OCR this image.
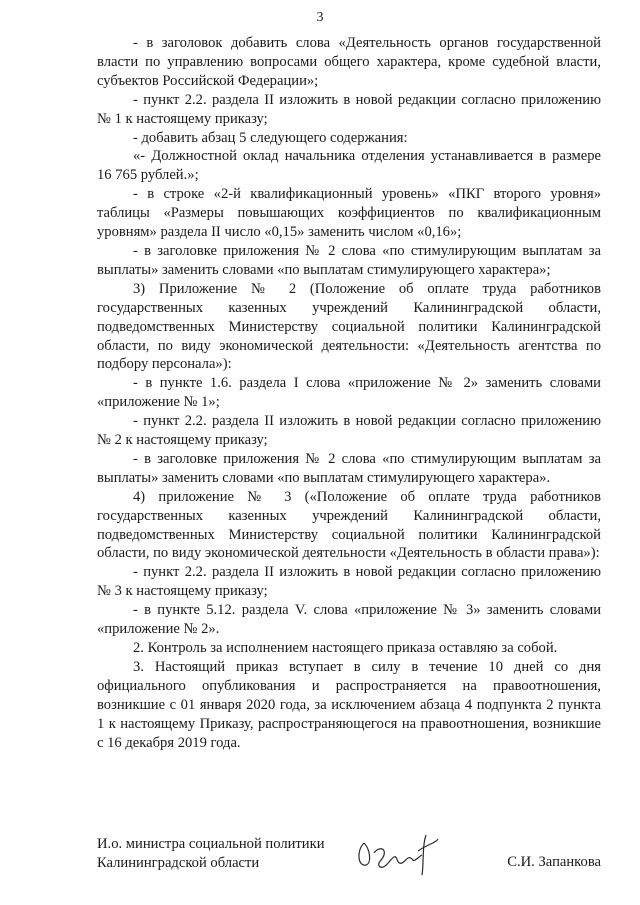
3

- в заголовок добавить слова «Деятельность органов государственной власти по управлению вопросами общего характера, кроме судебной власти, субъектов Российской Федерации»;

- пункт 2.2. раздела II изложить в новой редакции согласно приложению № 1 к настоящему приказу;

- добавить абзац 5 следующего содержания:

«- Должностной оклад начальника отделения устанавливается в размере 16 765 рублей.»;

- в строке «2-й квалификационный уровень» «ПКГ второго уровня» таблицы «Размеры повышающих коэффициентов по квалификационным уровням» раздела II число «0,15» заменить числом «0,16»;

- в заголовке приложения № 2 слова «по стимулирующим выплатам за выплаты» заменить словами «по выплатам стимулирующего характера»;

3) Приложение № 2 (Положение об оплате труда работников государственных казенных учреждений Калининградской области, подведомственных Министерству социальной политики Калининградской области, по виду экономической деятельности: «Деятельность агентства по подбору персонала»):

- в пункте 1.6. раздела I слова «приложение № 2» заменить словами «приложение № 1»;

- пункт 2.2. раздела II изложить в новой редакции согласно приложению № 2 к настоящему приказу;

- в заголовке приложения № 2 слова «по стимулирующим выплатам за выплаты» заменить словами «по выплатам стимулирующего характера».

4) приложение № 3 («Положение об оплате труда работников государственных казенных учреждений Калининградской области, подведомственных Министерству социальной политики Калининградской области, по виду экономической деятельности «Деятельность в области права»):

- пункт 2.2. раздела II изложить в новой редакции согласно приложению № 3 к настоящему приказу;

- в пункте 5.12. раздела V. слова «приложение № 3» заменить словами «приложение № 2».

2. Контроль за исполнением настоящего приказа оставляю за собой.

3. Настоящий приказ вступает в силу в течение 10 дней со дня официального опубликования и распространяется на правоотношения, возникшие с 01 января 2020 года, за исключением абзаца 4 подпункта 2 пункта 1 к настоящему Приказу, распространяющегося на правоотношения, возникшие с 16 декабря 2019 года.

И.о. министра социальной политики
Калининградской области	С.И. Запанкова
